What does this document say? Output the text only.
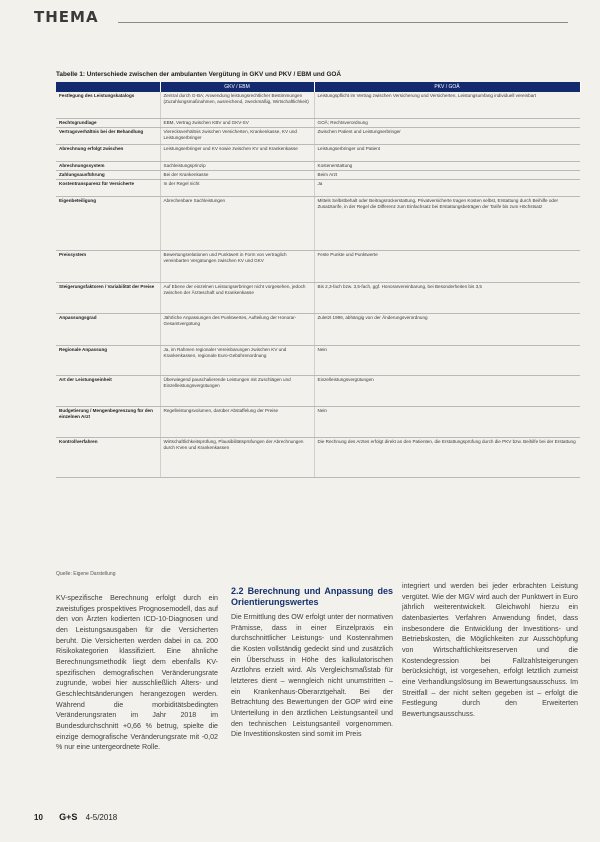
THEMA
Tabelle 1: Unterschiede zwischen der ambulanten Vergütung in GKV und PKV / EBM und GOÄ
	GKV / EBM	PKV / GOÄ
Festlegung des Leistungskatalogs	Zentral durch G-BA; Anwendung leistungsrechtlicher Bestimmungen (Zuzahlungsmaßnahmen, ausreichend, zweckmäßig, Wirtschaftlichkeit)	Leistungspflicht im Vertrag zwischen Versicherung und Versicherten, Leistungsumfang individuell vereinbart
Rechtsgrundlage	EBM, Vertrag zwischen KBV und GKV-SV	GOÄ; Rechtsverordnung
Vertragsverhältnis bei der Behandlung	Vierecksverhältnis zwischen Versicherten, Krankenkasse, KV und Leistungserbringer	Zwischen Patient und Leistungserbringer
Abrechnung erfolgt zwischen	Leistungserbringer und KV sowie zwischen KV und Krankenkasse	Leistungserbringer und Patient
Abrechnungssystem	Sachleistungsprinzip	Kostenerstattung
Zahlungsausführung	Bei der Krankenkasse	Beim Arzt
Kostentransparenz für Versicherte	In der Regel nicht	Ja
Eigenbeteiligung	Abrechenbare Sachleistungen	Mittels Selbstbehalt oder Beitragsrückerstattung, Privatversicherte tragen Kosten selbst, Erstattung durch Beihilfe oder Zusatztarife, in der Regel die Differenz zum Einfachsatz bei Erstattungsbeträgen der Tarife bis zum Höchstsatz
Preissystem	Bewertungsrelationen und Punktwert in Form von vertraglich vereinbarten Vergütungen zwischen KV und GKV	Feste Punkte und Punktwerte
Steigerungsfaktoren / Variabilität der Preise	Auf Ebene der einzelnen Leistungserbringer nicht vorgesehen, jedoch zwischen der Ärzteschaft und Krankenkasse	Bis 2,3-fach bzw. 3,5-fach, ggf. Honorarvereinbarung, bei Besonderheiten bis 3,5
Anpassungsgrad	Jährliche Anpassungen des Punktwertes, Aufteilung der Honorar-Gesamtvergütung	Zuletzt 1996, abhängig von der Änderungsverordnung
Regionale Anpassung	Ja, im Rahmen regionaler Vereinbarungen zwischen KV und Krankenkassen, regionale Euro-Gebührenordnung	Nein
Art der Leistungseinheit	Überwiegend pauschalierende Leistungen mit Zuschlägen und Einzelleistungsvergütungen	Einzelleistungsvergütungen
Budgetierung / Mengenbegrenzung für den einzelnen Arzt	Regelleistungsvolumen, darüber Abstaffelung der Preise	Nein
Kontrollverfahren	Wirtschaftlichkeitsprüfung, Plausibilitätsprüfungen der Abrechnungen durch KVen und Krankenkassen	Die Rechnung des Arztes erfolgt direkt an den Patienten, die Erstattungsprüfung durch die PKV bzw. Beihilfe bei der Erstattung
Quelle: Eigene Darstellung

KV-spezifische Berechnung erfolgt durch ein zweistufiges prospektives Prognosemodell, das auf den von Ärzten kodierten ICD-10-Diagnosen und den Leistungsausgaben für die Versicherten beruht. Die Versicherten werden dabei in ca. 200 Risikokategorien klassifiziert. Eine ähnliche Berechnungsmethodik liegt dem ebenfalls KV-spezifischen demografischen Veränderungsrate zugrunde, wobei hier ausschließlich Alters- und Geschlechtsänderungen herangezogen werden. Während die morbiditätsbedingten Veränderungsraten im Jahr 2018 im Bundesdurchschnitt +0,66 % betrug, spielte die einzige demografische Veränderungsrate mit -0,02 % nur eine untergeordnete Rolle.

2.2 Berechnung und Anpassung des Orientierungswertes

Die Ermittlung des OW erfolgt unter der normativen Prämisse, dass in einer Einzelpraxis ein durchschnittlicher Leistungs- und Kostenrahmen die Kosten vollständig gedeckt sind und zusätzlich ein Überschuss in Höhe des kalkulatorischen Arztlohns erzielt wird. Als Vergleichsmaßstab für letzteres dient – wenngleich nicht unumstritten – ein Krankenhaus-Oberarztgehalt. Bei der Betrachtung des Bewertungen der GOP wird eine Unterteilung in den ärztlichen Leistungsanteil und den technischen Leistungsanteil vorgenommen. Die Investitionskosten sind somit im Preis

integriert und werden bei jeder erbrachten Leistung vergütet. Wie der MGV wird auch der Punktwert in Euro jährlich weiterentwickelt. Gleichwohl hierzu ein datenbasiertes Verfahren Anwendung findet, dass insbesondere die Entwicklung der Investitions- und Betriebskosten, die Möglichkeiten zur Ausschöpfung von Wirtschaftlichkeitsreserven und die Kostendegression bei Fallzahlsteigerungen berücksichtigt, ist vorgesehen, erfolgt letztlich zumeist eine Verhandlungslösung im Bewertungsausschuss. Im Streitfall – der nicht selten gegeben ist – erfolgt die Festlegung durch den Erweiterten Bewertungsausschuss.

10 G+S 4-5/2018
